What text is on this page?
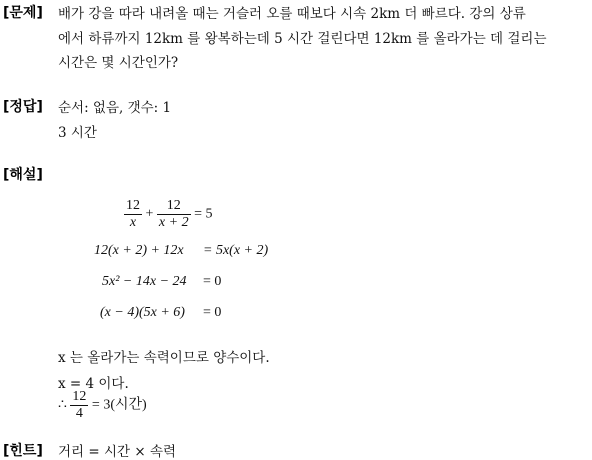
[문제] 배가 강을 따라 내려올 때는 거슬러 오를 때보다 시속 2km 더 빠르다. 강의 상류
에서 하류까지 12km 를 왕복하는데 5 시간 걸린다면 12km 를 올라가는 데 걸리는
시간은 몇 시간인가?
[정답] 순서: 없음, 갯수: 1
3 시간
[해설]
$\frac{12}{x} + \frac{12}{x + 2} = 5$
12(x + 2) + 12x = 5x(x + 2)
5x² − 14x − 24 = 0
(x − 4)(5x + 6) = 0
x 는 올라가는 속력이므로 양수이다.
x = 4 이다.
∴ $\frac{12}{4} = 3$(시간)
[힌트] 거리 = 시간 × 속력
